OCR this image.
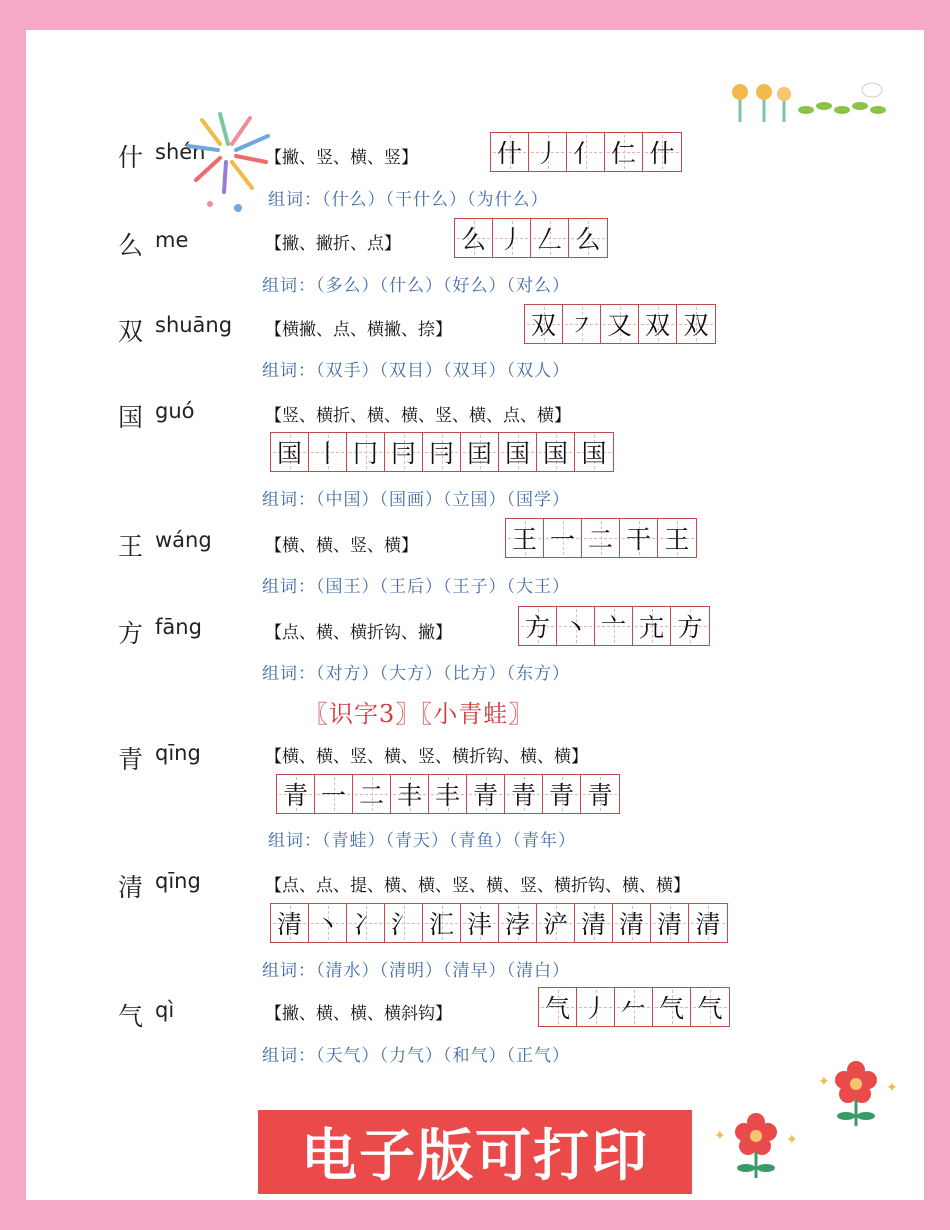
什 shén	【撇、竖、横、竖】	什 丿 亻 仁 什
组词：（什么）（干什么）（为什么）
么 me	【撇、撇折、点】 么 丿 𠃋 么
组词：（多么）（什么）（好么）（对么）
双 shuāng 【横撇、点、横撇、捺】	双 ㇇ 又 双 双
组词：（双手）（双目）（双耳）（双人）
国 guó	【竖、横折、横、横、竖、横、点、横】
国 丨 冂 冃 冃 囯 国 国 国
组词：（中国）（国画）（立国）（国学）
王 wáng	【横、横、竖、横】	王 一 二 干 王
组词：（国王）（王后）（王子）（大王）
方 fāng	【点、横、横折钩、撇】	方 丶 亠 亢 方
组词：（对方）（大方）（比方）（东方）
〖识字3〗〖小青蛙〗
青 qīng	【横、横、竖、横、竖、横折钩、横、横】
青 一 二 丰 丰 青 青 青 青
组词：（青蛙）（青天）（青鱼）（青年）
清 qīng	【点、点、提、横、横、竖、横、竖、横折钩、横、横】
清 丶 冫 氵 汇 沣 浡 浐 清 清 清 清
组词：（清水）（清明）（清早）（清白）
气 qì	【撇、横、横、横斜钩】	气 丿 𠂉 气 气
组词：（天气）（力气）（和气）（正气）
电子版可打印
✦	✦
✦	✦
